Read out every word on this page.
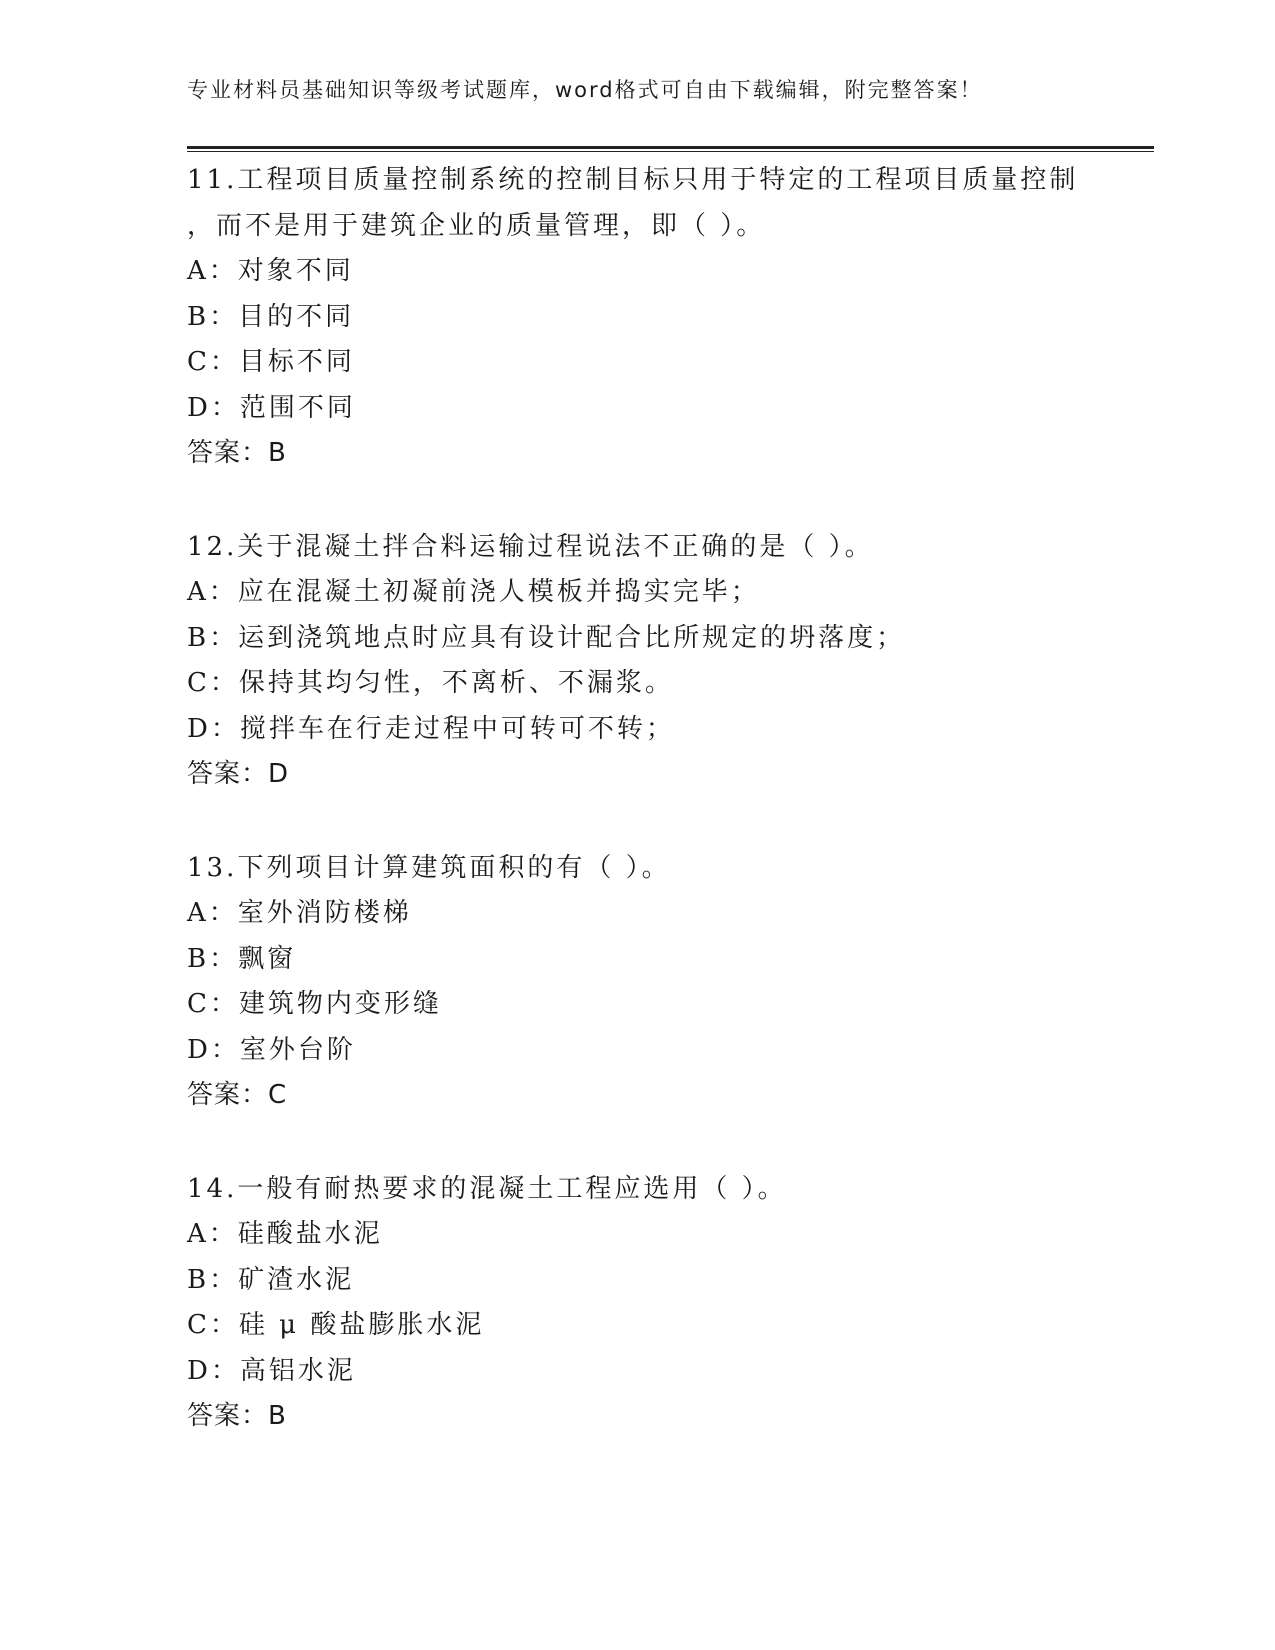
专业材料员基础知识等级考试题库，word格式可自由下载编辑，附完整答案！
11.工程项目质量控制系统的控制目标只用于特定的工程项目质量控制
，而不是用于建筑企业的质量管理，即（ ）。
A：对象不同
B：目的不同
C：目标不同
D：范围不同
答案：B
12.关于混凝土拌合料运输过程说法不正确的是（ ）。
A：应在混凝土初凝前浇人模板并捣实完毕；
B：运到浇筑地点时应具有设计配合比所规定的坍落度；
C：保持其均匀性，不离析、不漏浆。
D：搅拌车在行走过程中可转可不转；
答案：D
13.下列项目计算建筑面积的有（ ）。
A：室外消防楼梯
B：飘窗
C：建筑物内变形缝
D：室外台阶
答案：C
14.一般有耐热要求的混凝土工程应选用（ ）。
A：硅酸盐水泥
B：矿渣水泥
C：硅 μ 酸盐膨胀水泥
D：高铝水泥
答案：B
